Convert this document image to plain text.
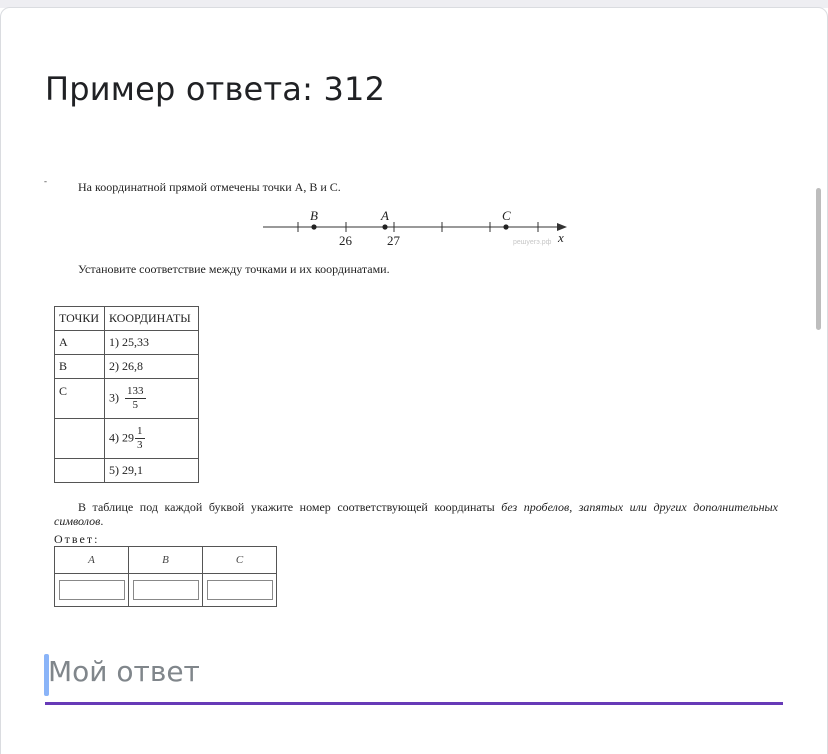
Пример ответа: 312
-	На координатной прямой отмечены точки A, B и C.
B	A	C
26	27	x
решуегэ.рф
Установите соответствие между точками и их координатами.
ТОЧКИ	КООРДИНАТЫ
A	1) 25,33
B	2) 26,8
C	$3) \frac{133}{5}$

	4) $29 \frac{1}{3}$

	5) 29,1
В таблице под каждой буквой укажите номер соответствующей координаты без пробелов, запятых или других дополнительных символов.
Ответ:
A	B	C

Мой ответ
